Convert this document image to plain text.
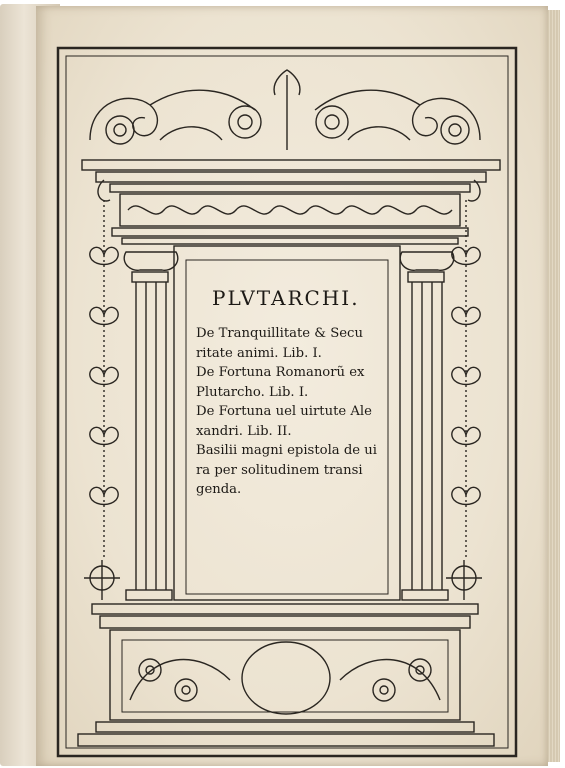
PLVTARCHI.

De Tranquillitate & Secu

ritate animi. Lib. I.

De Fortuna Romanorũ ex

Plutarcho. Lib. I.

De Fortuna uel uirtute Ale

xandri. Lib. II.

Basilii magni epistola de ui

ra per solitudinem transi

genda.
